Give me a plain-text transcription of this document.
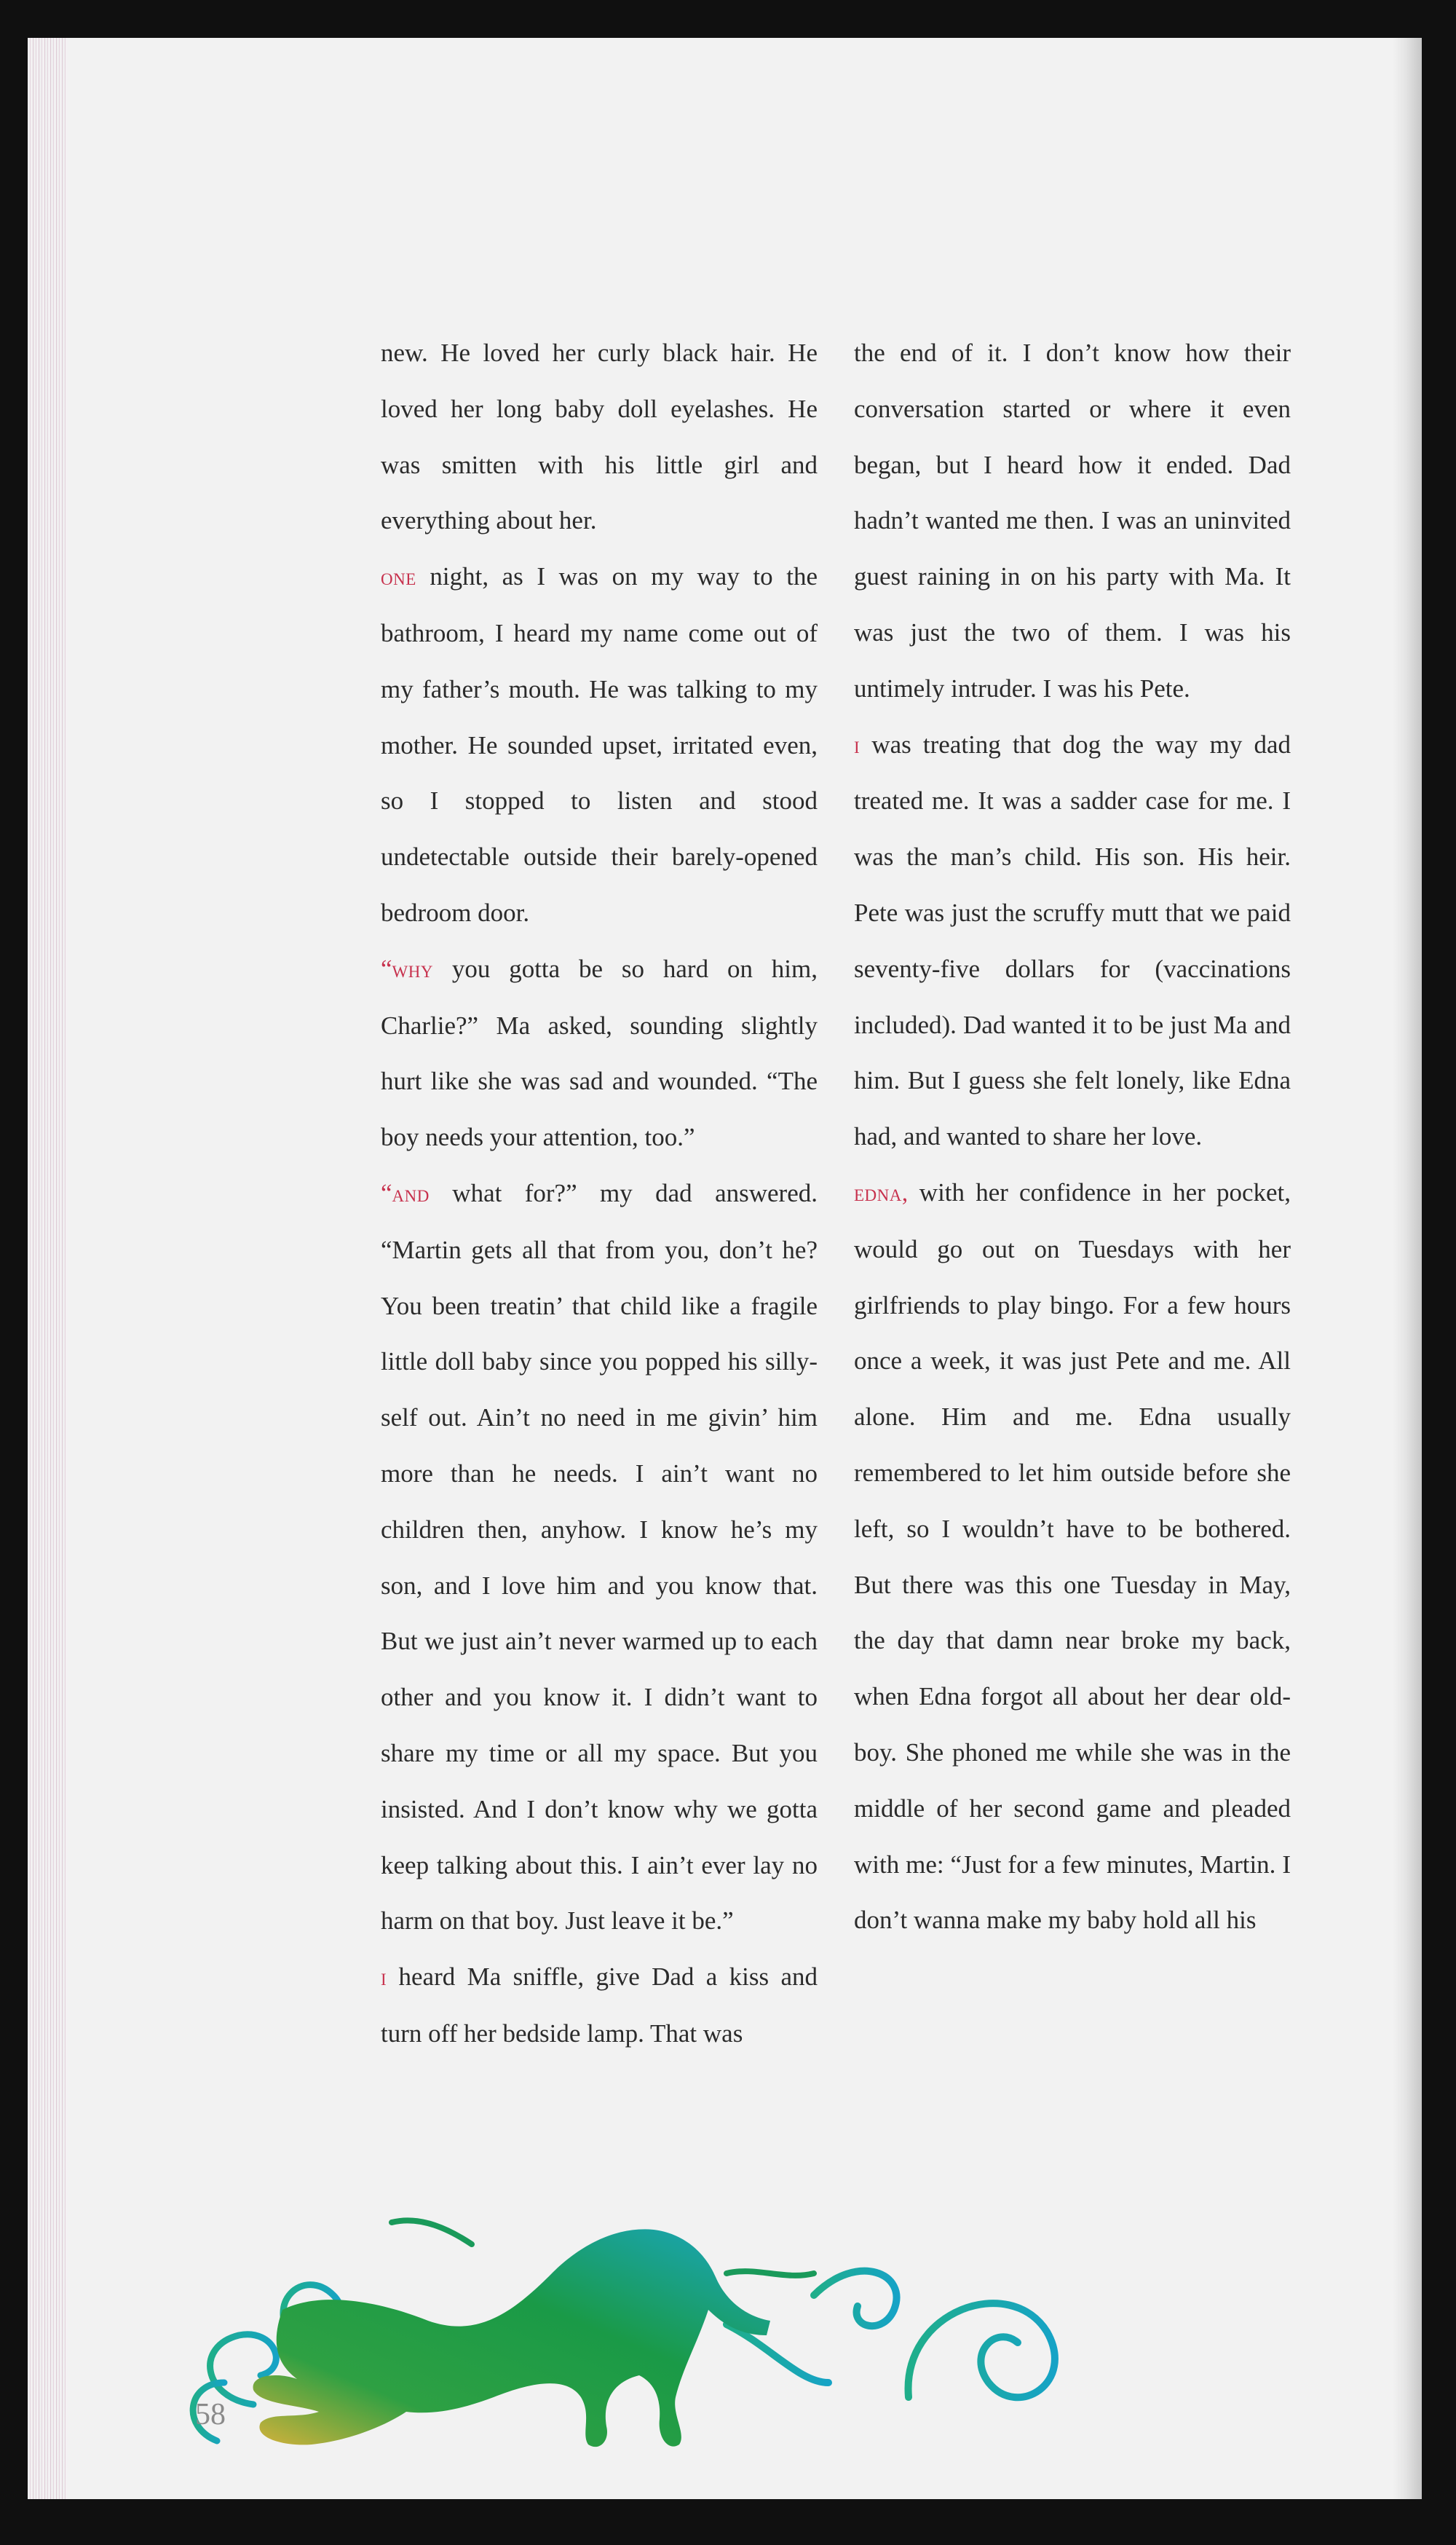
new. He loved her curly black hair. He loved her long baby doll eyelashes. He was smitten with his little girl and everything about her.

one night, as I was on my way to the bathroom, I heard my name come out of my father’s mouth. He was talking to my mother. He sounded upset, irritated even, so I stopped to listen and stood undetectable outside their barely-opened bedroom door.

“why you gotta be so hard on him, Charlie?” Ma asked, sounding slightly hurt like she was sad and wounded. “The boy needs your attention, too.”

“and what for?” my dad answered. “Martin gets all that from you, don’t he? You been treatin’ that child like a fragile little doll baby since you popped his silly-self out. Ain’t no need in me givin’ him more than he needs. I ain’t want no children then, anyhow. I know he’s my son, and I love him and you know that. But we just ain’t never warmed up to each other and you know it. I didn’t want to share my time or all my space. But you insisted. And I don’t know why we gotta keep talking about this. I ain’t ever lay no harm on that boy. Just leave it be.”

i heard Ma sniffle, give Dad a kiss and turn off her bedside lamp. That was

the end of it. I don’t know how their conversation started or where it even began, but I heard how it ended. Dad hadn’t wanted me then. I was an uninvited guest raining in on his party with Ma. It was just the two of them. I was his untimely intruder. I was his Pete.

i was treating that dog the way my dad treated me. It was a sadder case for me. I was the man’s child. His son. His heir. Pete was just the scruffy mutt that we paid seventy-five dollars for (vaccinations included). Dad wanted it to be just Ma and him. But I guess she felt lonely, like Edna had, and wanted to share her love.

edna, with her confidence in her pocket, would go out on Tuesdays with her girlfriends to play bingo. For a few hours once a week, it was just Pete and me. All alone. Him and me. Edna usually remembered to let him outside before she left, so I wouldn’t have to be bothered. But there was this one Tuesday in May, the day that damn near broke my back, when Edna forgot all about her dear old-boy. She phoned me while she was in the middle of her second game and pleaded with me: “Just for a few minutes, Martin. I don’t wanna make my baby hold all his

58
